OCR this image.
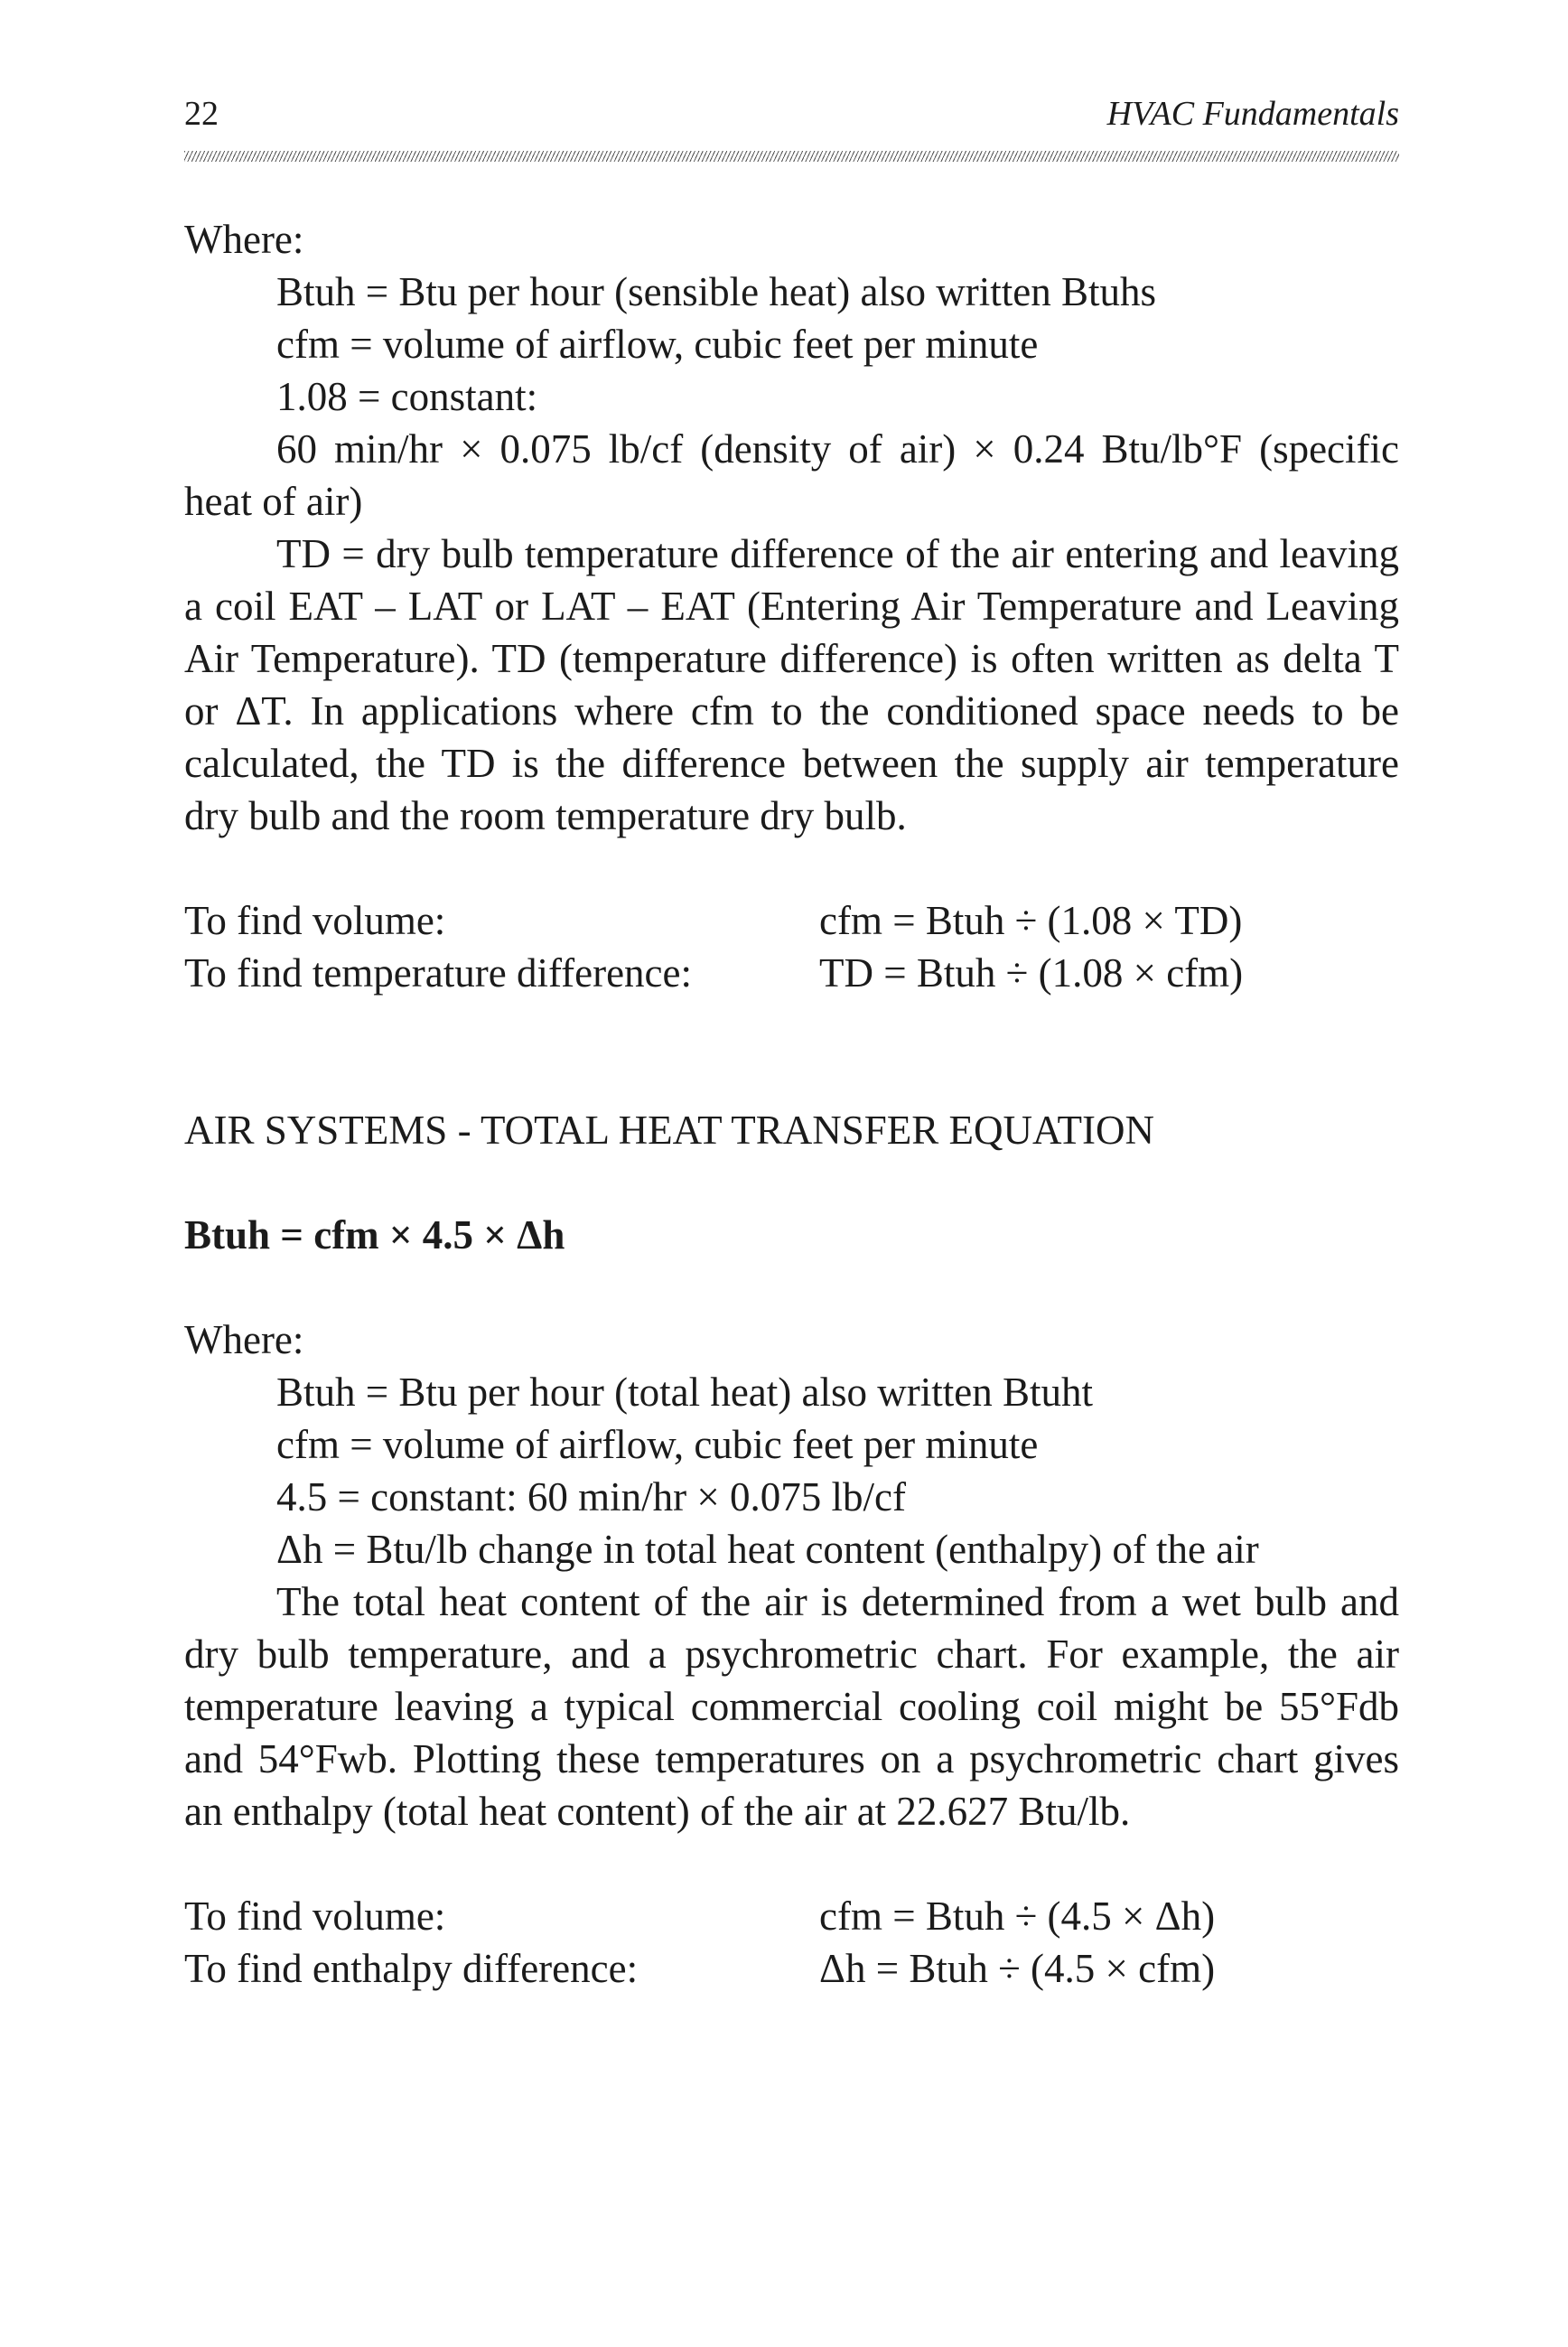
22	HVAC Fundamentals

Where:

Btuh = Btu per hour (sensible heat) also written Btuhs

cfm = volume of airflow, cubic feet per minute

1.08 = constant:

60 min/hr × 0.075 lb/cf (density of air) × 0.24 Btu/lb°F (specific heat of air)

TD = dry bulb temperature difference of the air entering and leaving a coil EAT – LAT or LAT – EAT (Entering Air Temperature and Leaving Air Temperature). TD (temperature difference) is often written as delta T or ΔT. In applications where cfm to the conditioned space needs to be calculated, the TD is the difference between the supply air temperature dry bulb and the room temperature dry bulb.

To find volume:	cfm = Btuh ÷ (1.08 × TD)
To find temperature difference:	TD = Btuh ÷ (1.08 × cfm)

AIR SYSTEMS - TOTAL HEAT TRANSFER EQUATION

Btuh = cfm × 4.5 × Δh

Where:

Btuh = Btu per hour (total heat) also written Btuht

cfm = volume of airflow, cubic feet per minute

4.5 = constant: 60 min/hr × 0.075 lb/cf

Δh = Btu/lb change in total heat content (enthalpy) of the air

The total heat content of the air is determined from a wet bulb and dry bulb temperature, and a psychrometric chart. For example, the air temperature leaving a typical commercial cooling coil might be 55°Fdb and 54°Fwb. Plotting these temperatures on a psychrometric chart gives an enthalpy (total heat content) of the air at 22.627 Btu/lb.

To find volume:	cfm = Btuh ÷ (4.5 × Δh)
To find enthalpy difference:	Δh = Btuh ÷ (4.5 × cfm)
